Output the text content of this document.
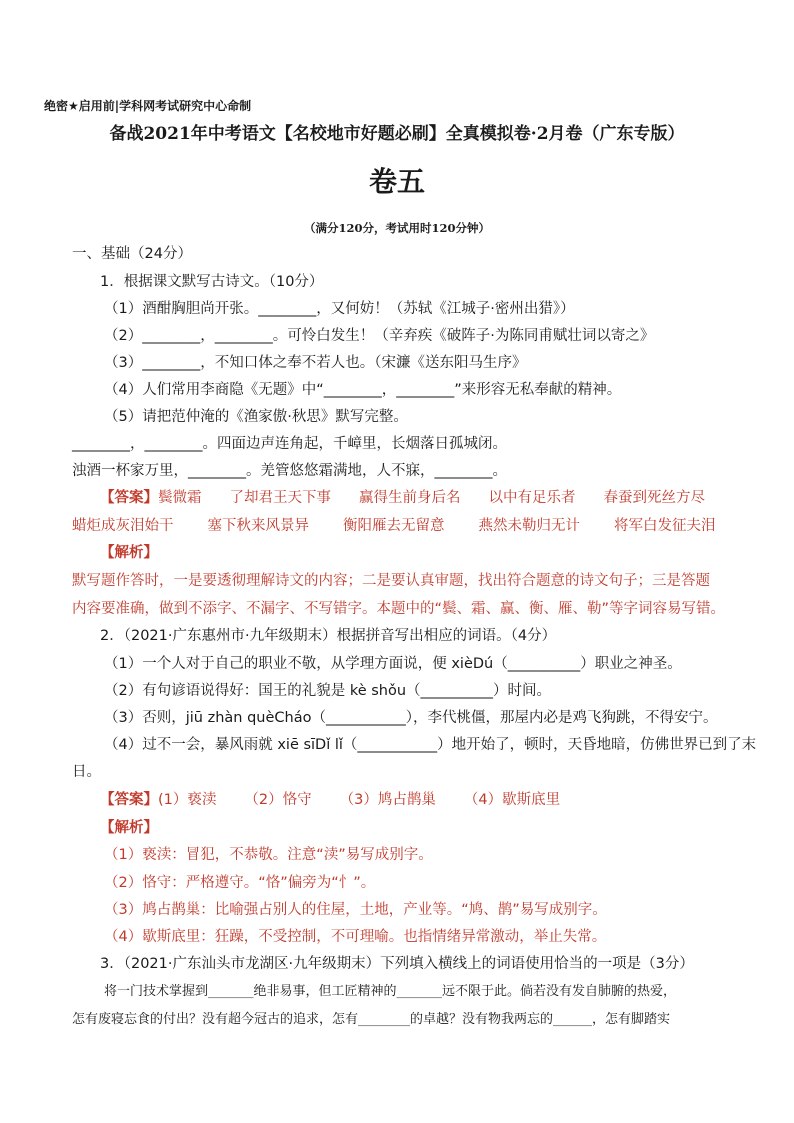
绝密★启用前|学科网考试研究中心命制
备战2021年中考语文【名校地市好题必刷】全真模拟卷·2月卷（广东专版）
卷五
（满分120分，考试用时120分钟）
一、基础（24分）
1．根据课文默写古诗文。（10分）
（1）酒酣胸胆尚开张。________，又何妨！（苏轼《江城子·密州出猎》）
（2）________，________。可怜白发生！（辛弃疾《破阵子·为陈同甫赋壮词以寄之》
（3）________，不知口体之奉不若人也。（宋濂《送东阳马生序》
（4）人们常用李商隐《无题》中“________，________”来形容无私奉献的精神。
（5）请把范仲淹的《渔家傲·秋思》默写完整。
________，________。四面边声连角起，千嶂里，长烟落日孤城闭。
浊酒一杯家万里，________。羌管悠悠霜满地，人不寐，________。
【答案】鬓微霜 了却君王天下事 赢得生前身后名 以中有足乐者 春蚕到死丝方尽
蜡炬成灰泪始干 塞下秋来风景异 衡阳雁去无留意 燕然未勒归无计 将军白发征夫泪
【解析】
默写题作答时，一是要透彻理解诗文的内容；二是要认真审题，找出符合题意的诗文句子；三是答题
内容要准确，做到不添字、不漏字、不写错字。本题中的“鬓、霜、赢、衡、雁、勒”等字词容易写错。
2．（2021·广东惠州市·九年级期末）根据拼音写出相应的词语。（4分）
（1）一个人对于自己的职业不敬，从学理方面说，便 xièDú（__________）职业之神圣。
（2）有句谚语说得好：国王的礼貌是 kè shǒu（__________）时间。
（3）否则，jiū zhàn quèCháo（___________），李代桃僵，那屋内必是鸡飞狗跳，不得安宁。
（4）过不一会，暴风雨就 xiē sīDǐ lǐ（___________）地开始了，顿时，天昏地暗，仿佛世界已到了末
日。
【答案】(1）亵渎 （2）恪守 （3）鸠占鹊巢 （4）歇斯底里
【解析】
（1）亵渎：冒犯，不恭敬。注意“渎”易写成别字。
（2）恪守：严格遵守。“恪”偏旁为“忄”。
（3）鸠占鹊巢：比喻强占别人的住屋，土地，产业等。“鸠、鹊”易写成别字。
（4）歇斯底里：狂躁，不受控制，不可理喻。也指情绪异常激动，举止失常。
3．（2021·广东汕头市龙湖区·九年级期末）下列填入横线上的词语使用恰当的一项是（3分）
将一门技术掌握到_______绝非易事，但工匠精神的_______远不限于此。倘若没有发自肺腑的热爱，
怎有废寝忘食的付出？没有超今冠古的追求，怎有________的卓越？没有物我两忘的______，怎有脚踏实
